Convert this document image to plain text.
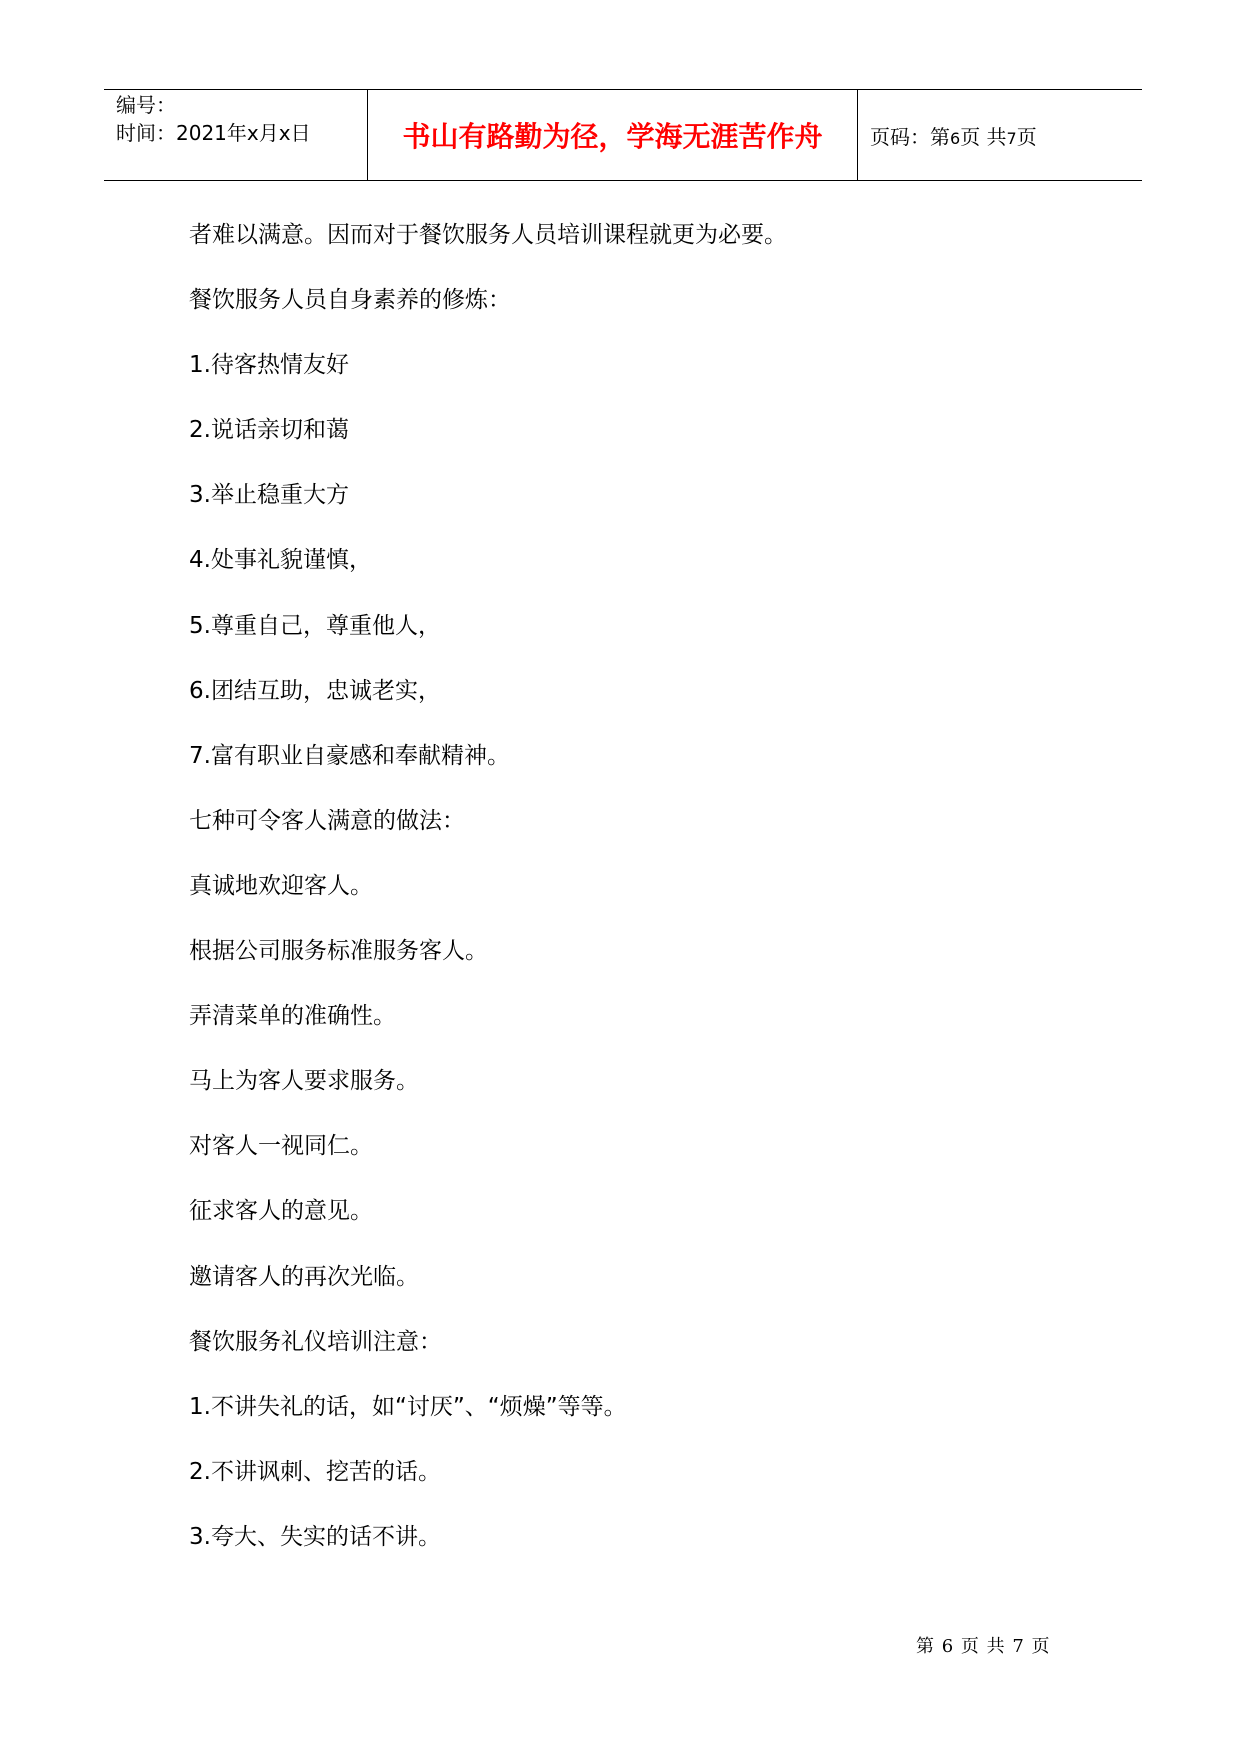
编号：
时间：2021年x月x日	书山有路勤为径，学海无涯苦作舟 页码：第6页 共7页
者难以满意。因而对于餐饮服务人员培训课程就更为必要。
餐饮服务人员自身素养的修炼：
1.待客热情友好
2.说话亲切和蔼
3.举止稳重大方
4.处事礼貌谨慎，
5.尊重自己，尊重他人，
6.团结互助，忠诚老实，
7.富有职业自豪感和奉献精神。
七种可令客人满意的做法：
真诚地欢迎客人。
根据公司服务标准服务客人。
弄清菜单的准确性。
马上为客人要求服务。
对客人一视同仁。
征求客人的意见。
邀请客人的再次光临。
餐饮服务礼仪培训注意：
1.不讲失礼的话，如“讨厌”、“烦燥”等等。
2.不讲讽刺、挖苦的话。
3.夸大、失实的话不讲。
第 6 页 共 7 页
